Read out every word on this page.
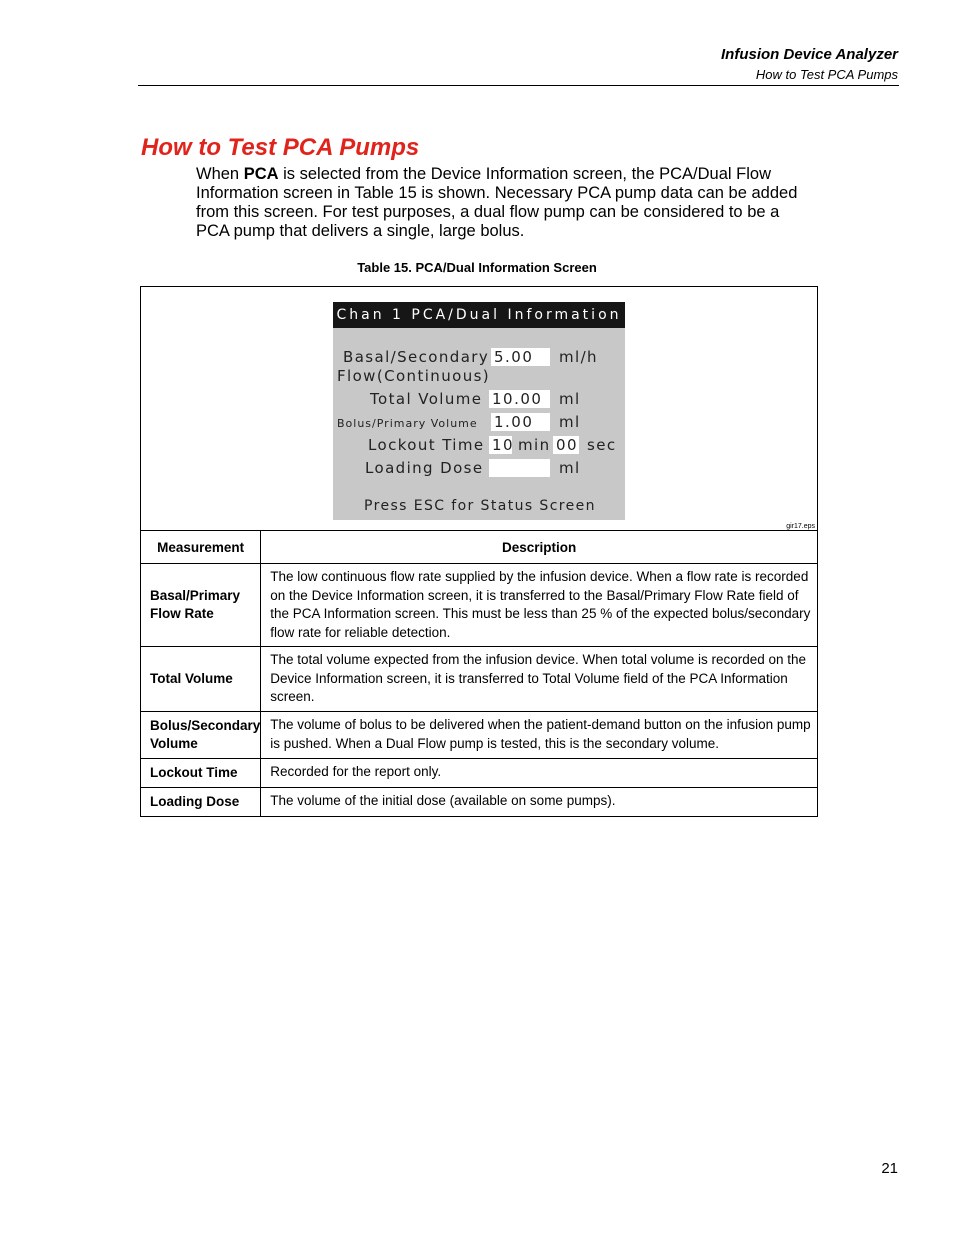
Infusion Device Analyzer
How to Test PCA Pumps
How to Test PCA Pumps
When PCA is selected from the Device Information screen, the PCA/Dual Flow Information screen in Table 15 is shown. Necessary PCA pump data can be added from this screen. For test purposes, a dual flow pump can be considered to be a PCA pump that delivers a single, large bolus.
Table 15. PCA/Dual Information Screen
Chan 1 PCA/Dual Information
Basal/Secondary
Flow(Continuous)
5.00	ml/h
Total Volume 10.00	ml
Bolus/Primary Volume 1.00	ml
Lockout Time 10 min 00 sec
Loading Dose	ml
Press ESC for Status Screen
gir17.eps
Measurement	Description
Basal/Primary Flow Rate	The low continuous flow rate supplied by the infusion device. When a flow rate is recorded on the Device Information screen, it is transferred to the Basal/Primary Flow Rate field of the PCA Information screen. This must be less than 25 % of the expected bolus/secondary flow rate for reliable detection.
Total Volume	The total volume expected from the infusion device. When total volume is recorded on the Device Information screen, it is transferred to Total Volume field of the PCA Information screen.
Bolus/Secondary Volume	The volume of bolus to be delivered when the patient-demand button on the infusion pump is pushed. When a Dual Flow pump is tested, this is the secondary volume.
Lockout Time	Recorded for the report only.
Loading Dose	The volume of the initial dose (available on some pumps).
21
